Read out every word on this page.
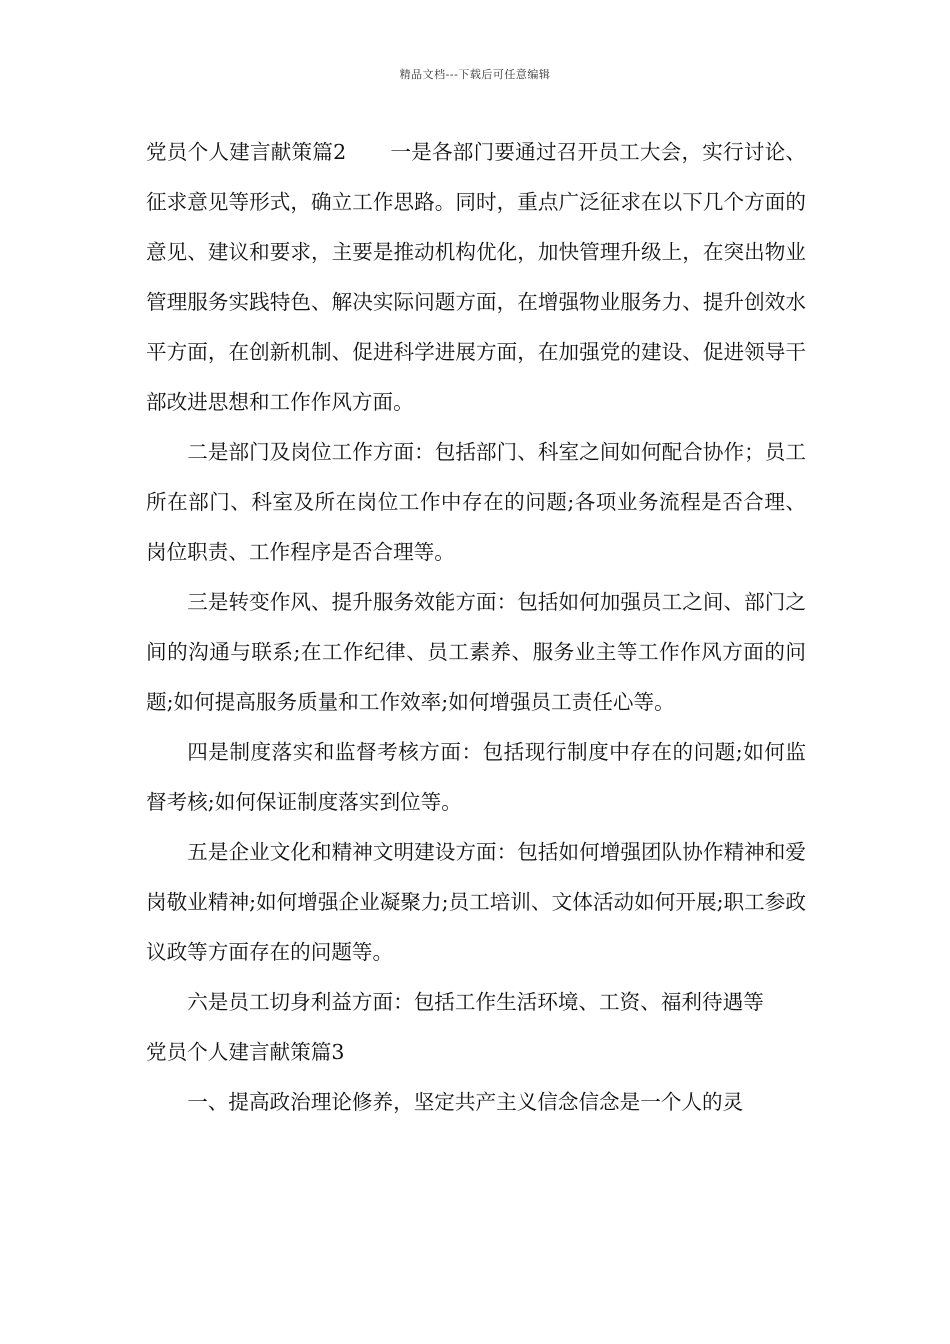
精品文档---下载后可任意编辑

党员个人建言献策篇2 一是各部门要通过召开员工大会，实行讨论、征求意见等形式，确立工作思路。同时，重点广泛征求在以下几个方面的意见、建议和要求，主要是推动机构优化，加快管理升级上，在突出物业管理服务实践特色、解决实际问题方面，在增强物业服务力、提升创效水平方面，在创新机制、促进科学进展方面，在加强党的建设、促进领导干部改进思想和工作作风方面。

二是部门及岗位工作方面：包括部门、科室之间如何配合协作；员工所在部门、科室及所在岗位工作中存在的问题;各项业务流程是否合理、岗位职责、工作程序是否合理等。

三是转变作风、提升服务效能方面：包括如何加强员工之间、部门之间的沟通与联系;在工作纪律、员工素养、服务业主等工作作风方面的问题;如何提高服务质量和工作效率;如何增强员工责任心等。

四是制度落实和监督考核方面：包括现行制度中存在的问题;如何监督考核;如何保证制度落实到位等。

五是企业文化和精神文明建设方面：包括如何增强团队协作精神和爱岗敬业精神;如何增强企业凝聚力;员工培训、文体活动如何开展;职工参政议政等方面存在的问题等。

六是员工切身利益方面：包括工作生活环境、工资、福利待遇等

党员个人建言献策篇3

一、提高政治理论修养，坚定共产主义信念信念是一个人的灵
